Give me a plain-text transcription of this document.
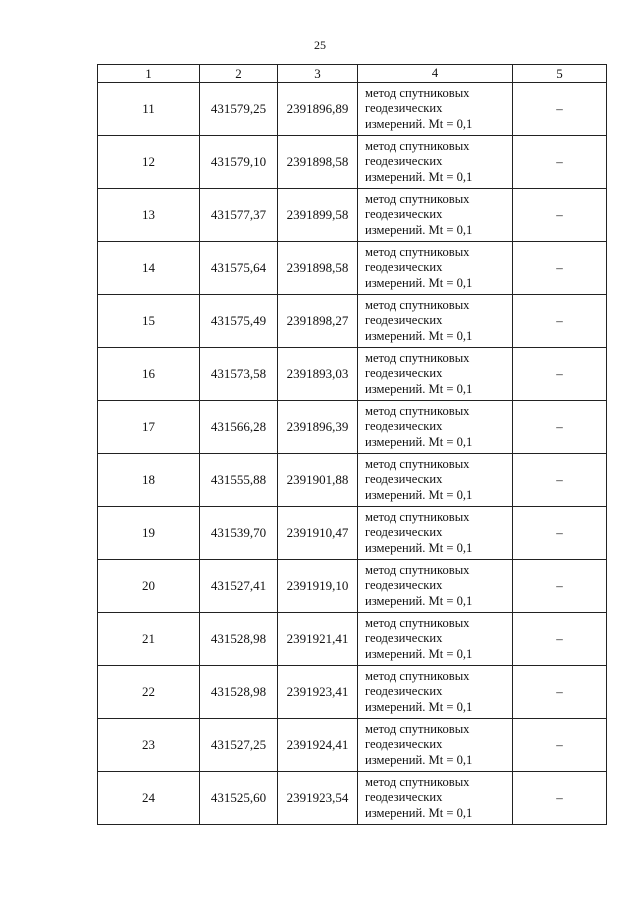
25
1	2	3	4	5
11	431579,25	2391896,89	метод спутниковых
геодезических
измерений. Mt = 0,1	–
12	431579,10	2391898,58	метод спутниковых
геодезических
измерений. Mt = 0,1	–
13	431577,37	2391899,58	метод спутниковых
геодезических
измерений. Mt = 0,1	–
14	431575,64	2391898,58	метод спутниковых
геодезических
измерений. Mt = 0,1	–
15	431575,49	2391898,27	метод спутниковых
геодезических
измерений. Mt = 0,1	–
16	431573,58	2391893,03	метод спутниковых
геодезических
измерений. Mt = 0,1	–
17	431566,28	2391896,39	метод спутниковых
геодезических
измерений. Mt = 0,1	–
18	431555,88	2391901,88	метод спутниковых
геодезических
измерений. Mt = 0,1	–
19	431539,70	2391910,47	метод спутниковых
геодезических
измерений. Mt = 0,1	–
20	431527,41	2391919,10	метод спутниковых
геодезических
измерений. Mt = 0,1	–
21	431528,98	2391921,41	метод спутниковых
геодезических
измерений. Mt = 0,1	–
22	431528,98	2391923,41	метод спутниковых
геодезических
измерений. Mt = 0,1	–
23	431527,25	2391924,41	метод спутниковых
геодезических
измерений. Mt = 0,1	–
24	431525,60	2391923,54	метод спутниковых
геодезических
измерений. Mt = 0,1	–
